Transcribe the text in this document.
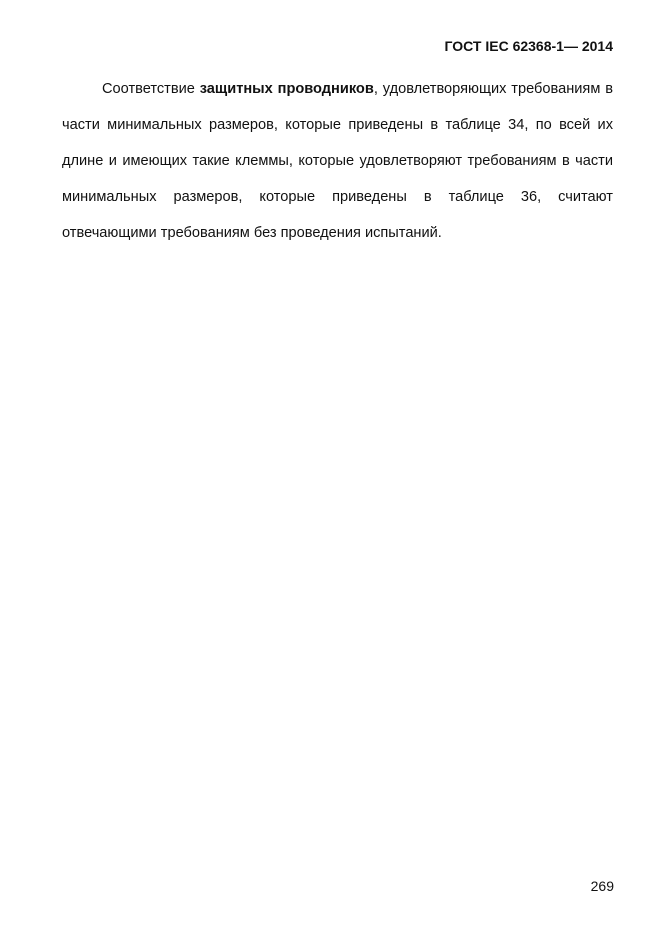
ГОСТ IEC 62368-1— 2014

Соответствие защитных проводников, удовлетворяющих требованиям в части минимальных размеров, которые приведены в таблице 34, по всей их длине и имеющих такие клеммы, которые удовлетворяют требованиям в части минимальных размеров, которые приведены в таблице 36, считают отвечающими требованиям без проведения испытаний.

269
